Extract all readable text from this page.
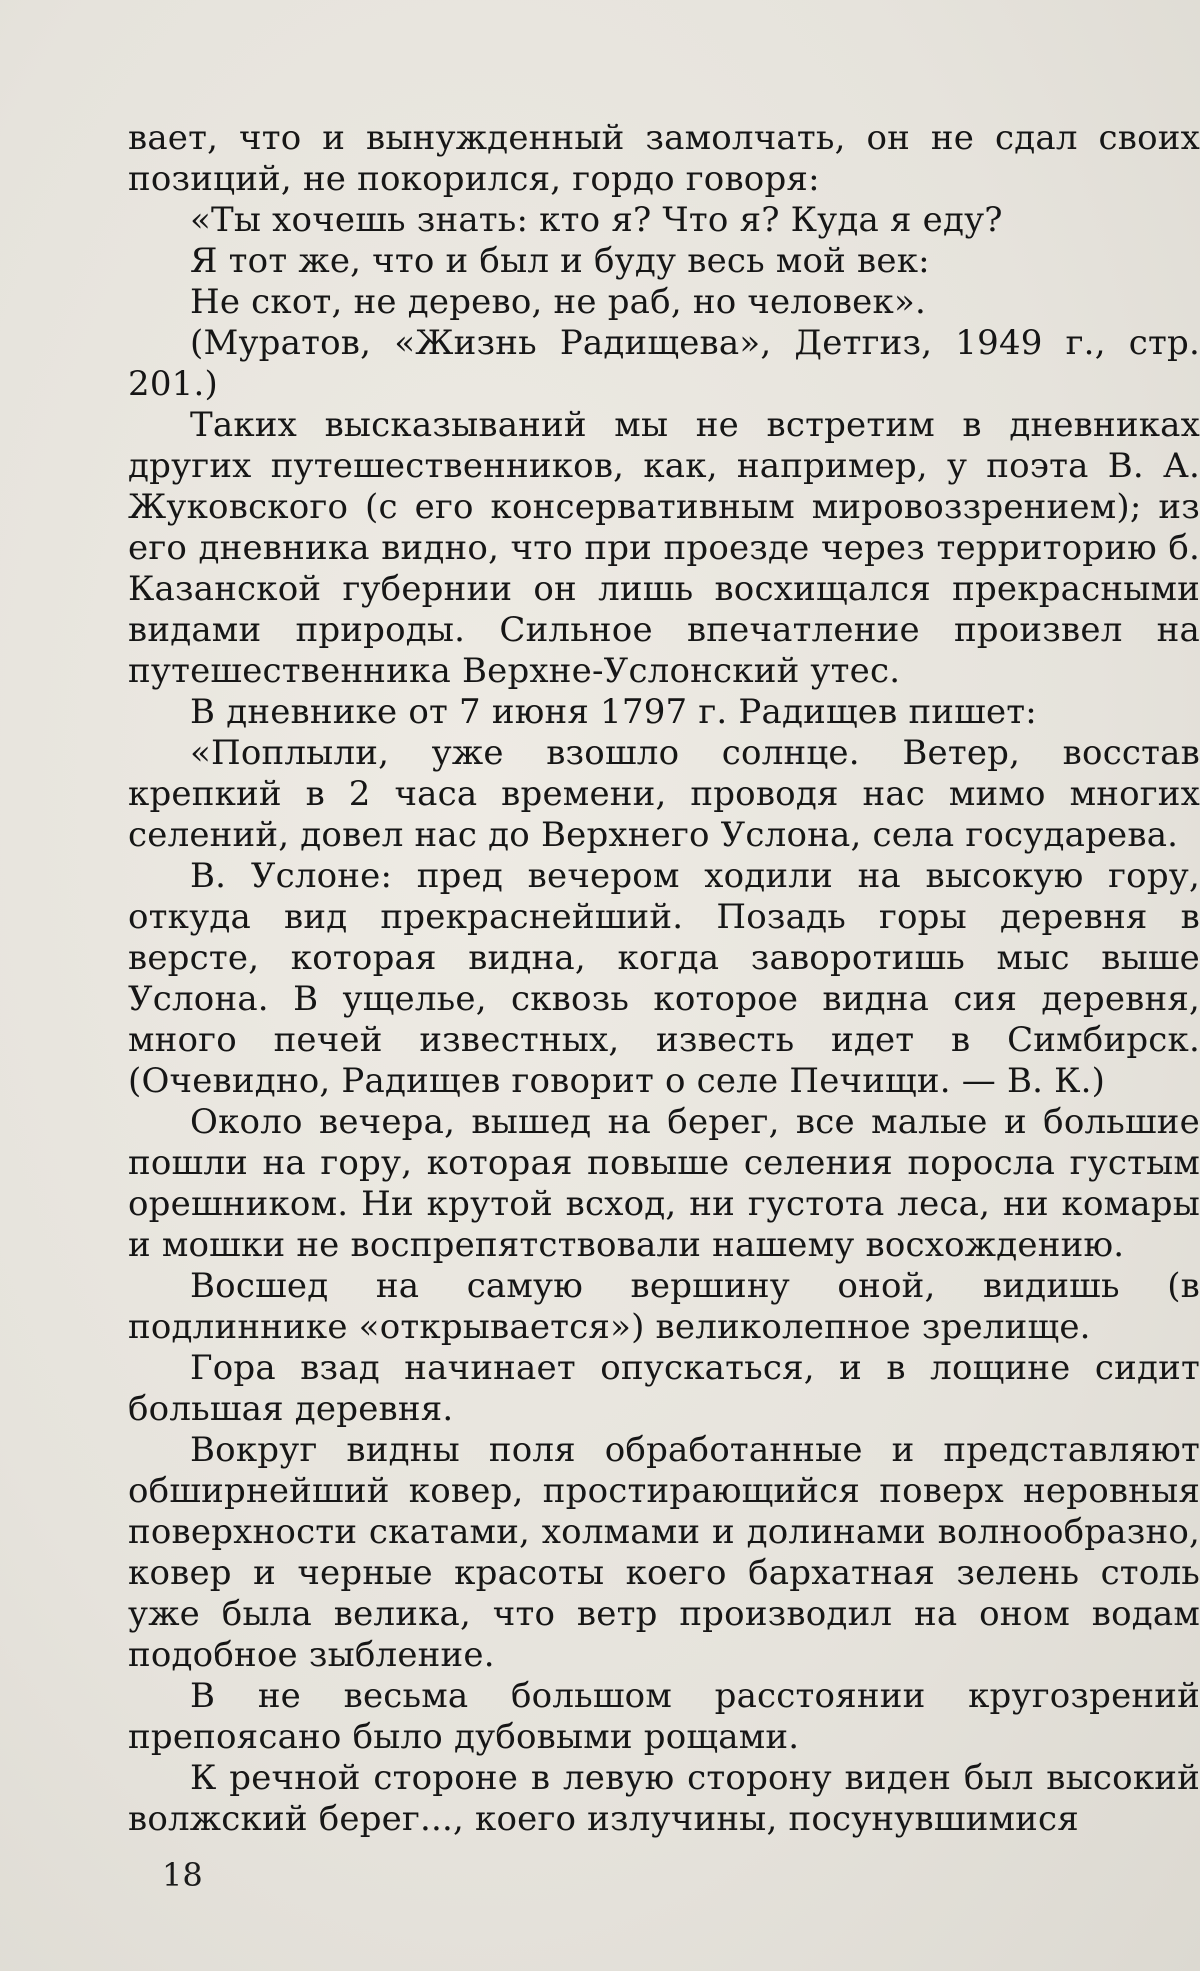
вает, что и вынужденный замолчать, он не сдал своих позиций, не покорился, гордо говоря:

«Ты хочешь знать: кто я? Что я? Куда я еду?

Я тот же, что и был и буду весь мой век:

Не скот, не дерево, не раб, но человек».

(Муратов, «Жизнь Радищева», Детгиз, 1949 г., стр. 201.)

Таких высказываний мы не встретим в дневниках других путешественников, как, например, у поэта В. А. Жуковского (с его консервативным мировоззрением); из его дневника видно, что при проезде через территорию б. Казанской губернии он лишь восхищался прекрасными видами природы. Сильное впечатление произвел на путешественника Верхне-Услонский утес.

В дневнике от 7 июня 1797 г. Радищев пишет:

«Поплыли, уже взошло солнце. Ветер, восстав крепкий в 2 часа времени, проводя нас мимо многих селений, довел нас до Верхнего Услона, села государева.

В. Услоне: пред вечером ходили на высокую гору, откуда вид прекраснейший. Позадь горы деревня в версте, которая видна, когда заворотишь мыс выше Услона. В ущелье, сквозь которое видна сия деревня, много печей известных, известь идет в Симбирск. (Очевидно, Радищев говорит о селе Печищи. — В. К.)

Около вечера, вышед на берег, все малые и большие пошли на гору, которая повыше селения поросла густым орешником. Ни крутой всход, ни густота леса, ни комары и мошки не воспрепятствовали нашему восхождению.

Восшед на самую вершину оной, видишь (в подлиннике «открывается») великолепное зрелище.

Гора взад начинает опускаться, и в лощине сидит большая деревня.

Вокруг видны поля обработанные и представляют обширнейший ковер, простирающийся поверх неровныя поверхности скатами, холмами и долинами волнообразно, ковер и черные красоты коего бархатная зелень столь уже была велика, что ветр производил на оном водам подобное зыбление.

В не весьма большом расстоянии кругозрений препоясано было дубовыми рощами.

К речной стороне в левую сторону виден был высокий волжский берег..., коего излучины, посунувшимися

18
